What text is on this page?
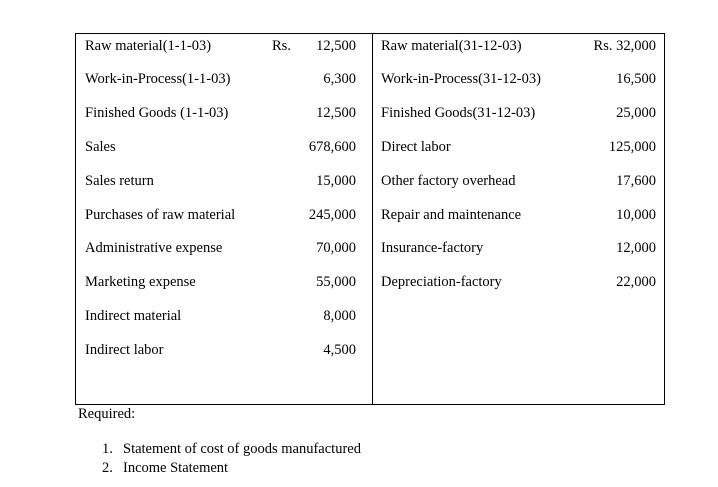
Raw material(1-1-03)	Rs.	12,500
Work-in-Process(1-1-03)	6,300
Finished Goods (1-1-03)	12,500
Sales	678,600
Sales return	15,000
Purchases of raw material	245,000
Administrative expense	70,000
Marketing expense	55,000
Indirect material	8,000
Indirect labor	4,500
Raw material(31-12-03)	Rs. 32,000
Work-in-Process(31-12-03)	16,500
Finished Goods(31-12-03)	25,000
Direct labor	125,000
Other factory overhead	17,600
Repair and maintenance	10,000
Insurance-factory	12,000
Depreciation-factory	22,000
Required:
1. Statement of cost of goods manufactured
2. Income Statement
